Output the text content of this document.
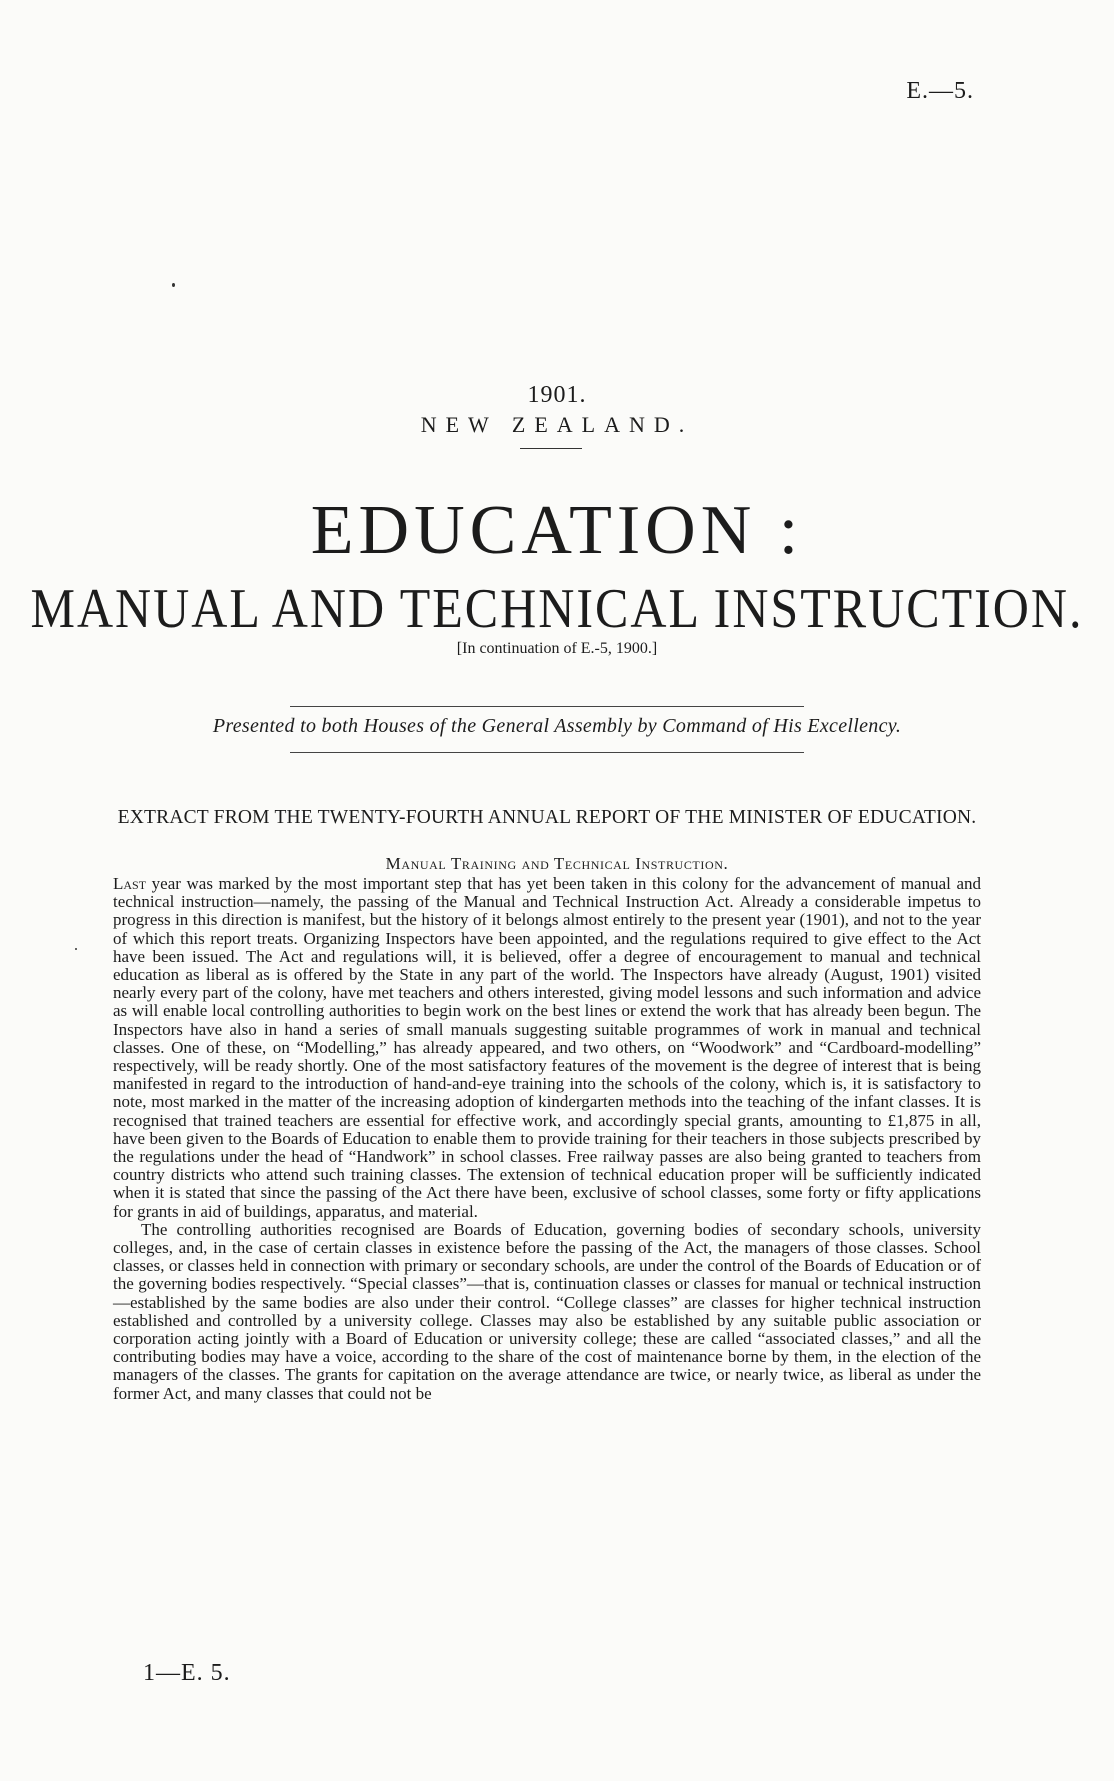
E.—5.
1901.
NEW ZEALAND.
EDUCATION :
MANUAL AND TECHNICAL INSTRUCTION.
[In continuation of E.-5, 1900.]
Presented to both Houses of the General Assembly by Command of His Excellency.
EXTRACT FROM THE TWENTY-FOURTH ANNUAL REPORT OF THE MINISTER OF EDUCATION.
Manual Training and Technical Instruction.

Last year was marked by the most important step that has yet been taken in this colony for the advancement of manual and technical instruction—namely, the passing of the Manual and Technical Instruction Act. Already a considerable impetus to progress in this direction is manifest, but the history of it belongs almost entirely to the present year (1901), and not to the year of which this report treats. Organizing Inspectors have been appointed, and the regulations required to give effect to the Act have been issued. The Act and regulations will, it is believed, offer a degree of encouragement to manual and technical education as liberal as is offered by the State in any part of the world. The Inspectors have already (August, 1901) visited nearly every part of the colony, have met teachers and others interested, giving model lessons and such information and advice as will enable local controlling authorities to begin work on the best lines or extend the work that has already been begun. The Inspectors have also in hand a series of small manuals suggesting suitable programmes of work in manual and technical classes. One of these, on “Modelling,” has already appeared, and two others, on “Woodwork” and “Cardboard-modelling” respectively, will be ready shortly. One of the most satisfactory features of the movement is the degree of interest that is being manifested in regard to the introduction of hand-and-eye training into the schools of the colony, which is, it is satisfactory to note, most marked in the matter of the increasing adoption of kindergarten methods into the teaching of the infant classes. It is recognised that trained teachers are essential for effective work, and accordingly special grants, amounting to £1,875 in all, have been given to the Boards of Education to enable them to provide training for their teachers in those subjects prescribed by the regulations under the head of “Handwork” in school classes. Free railway passes are also being granted to teachers from country districts who attend such training classes. The extension of technical education proper will be sufficiently indicated when it is stated that since the passing of the Act there have been, exclusive of school classes, some forty or fifty applications for grants in aid of buildings, apparatus, and material.

The controlling authorities recognised are Boards of Education, governing bodies of secondary schools, university colleges, and, in the case of certain classes in existence before the passing of the Act, the managers of those classes. School classes, or classes held in connection with primary or secondary schools, are under the control of the Boards of Education or of the governing bodies respectively. “Special classes”—that is, continuation classes or classes for manual or technical instruction—established by the same bodies are also under their control. “College classes” are classes for higher technical instruction established and controlled by a university college. Classes may also be established by any suitable public association or corporation acting jointly with a Board of Education or university college; these are called “associated classes,” and all the contributing bodies may have a voice, according to the share of the cost of maintenance borne by them, in the election of the managers of the classes. The grants for capitation on the average attendance are twice, or nearly twice, as liberal as under the former Act, and many classes that could not be

1—E. 5.
